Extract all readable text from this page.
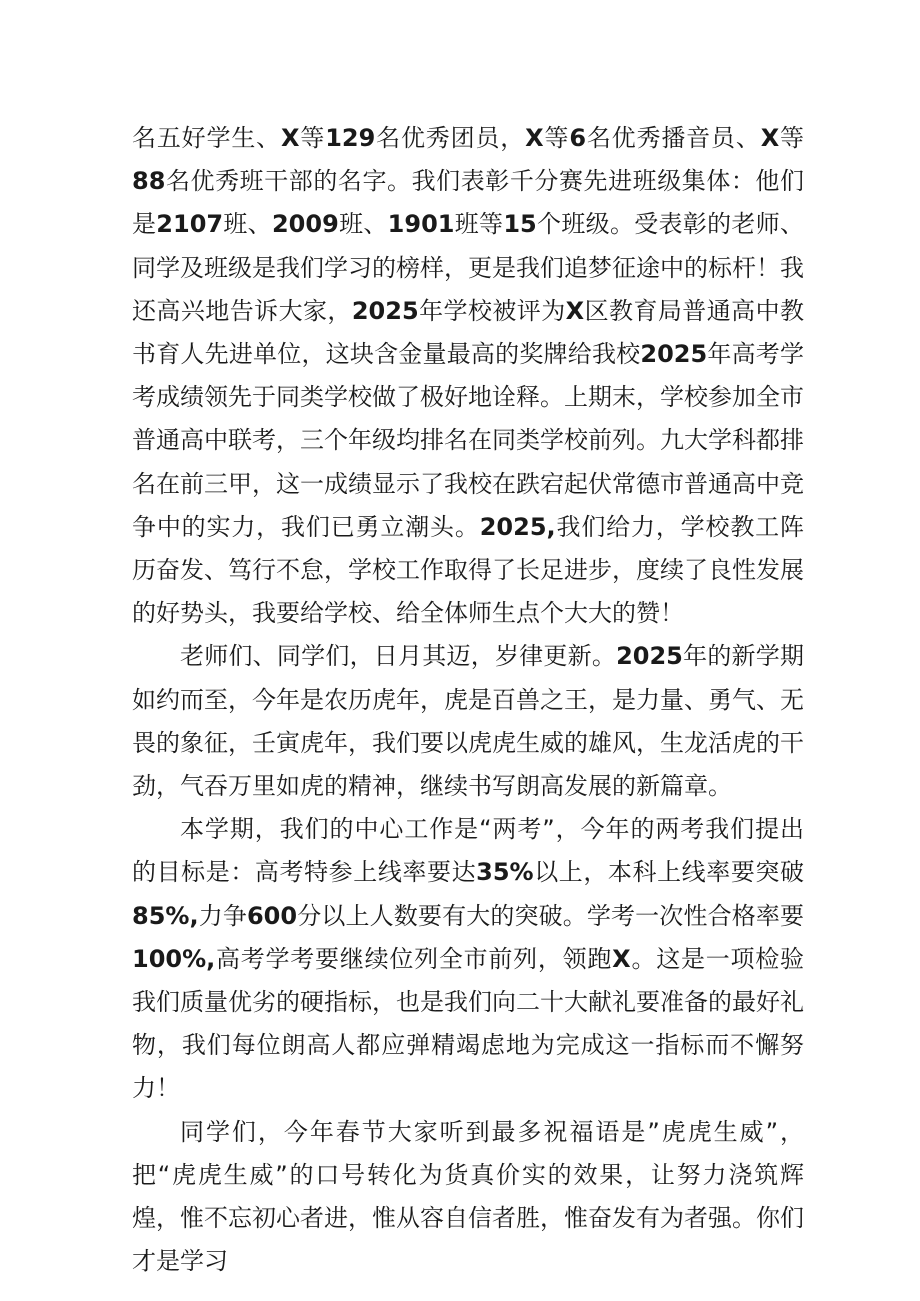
名五好学生、X等129名优秀团员，X等6名优秀播音员、X等88名优秀班干部的名字。我们表彰千分赛先进班级集体：他们是2107班、2009班、1901班等15个班级。受表彰的老师、同学及班级是我们学习的榜样，更是我们追梦征途中的标杆！我还高兴地告诉大家，2025年学校被评为X区教育局普通高中教书育人先进单位，这块含金量最高的奖牌给我校2025年高考学考成绩领先于同类学校做了极好地诠释。上期末，学校参加全市普通高中联考，三个年级均排名在同类学校前列。九大学科都排名在前三甲，这一成绩显示了我校在跌宕起伏常德市普通高中竞争中的实力，我们已勇立潮头。2025,我们给力，学校教工阵历奋发、笃行不怠，学校工作取得了长足进步，度续了良性发展的好势头，我要给学校、给全体师生点个大大的赞！

老师们、同学们，日月其迈，岁律更新。2025年的新学期如约而至，今年是农历虎年，虎是百兽之王，是力量、勇气、无畏的象征，壬寅虎年，我们要以虎虎生威的雄风，生龙活虎的干劲，气吞万里如虎的精神，继续书写朗高发展的新篇章。

本学期，我们的中心工作是“两考”，今年的两考我们提出的目标是：高考特参上线率要达35%以上，本科上线率要突破85%,力争600分以上人数要有大的突破。学考一次性合格率要100%,高考学考要继续位列全市前列，领跑X。这是一项检验我们质量优劣的硬指标，也是我们向二十大献礼要准备的最好礼物，我们每位朗高人都应弹精竭虑地为完成这一指标而不懈努力！

同学们，今年春节大家听到最多祝福语是”虎虎生威”，把“虎虎生威”的口号转化为货真价实的效果，让努力浇筑辉煌，惟不忘初心者进，惟从容自信者胜，惟奋发有为者强。你们才是学习
